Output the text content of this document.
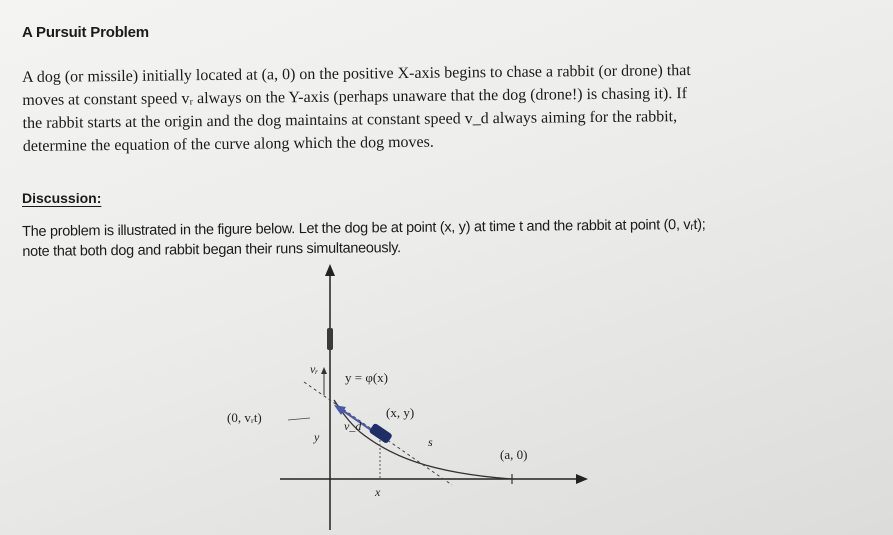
A Pursuit Problem

A dog (or missile) initially located at (a, 0) on the positive X-axis begins to chase a rabbit (or drone) that

moves at constant speed vᵣ always on the Y-axis (perhaps unaware that the dog (drone!) is chasing it). If

the rabbit starts at the origin and the dog maintains at constant speed v_d always aiming for the rabbit,

determine the equation of the curve along which the dog moves.

Discussion:

The problem is illustrated in the figure below. Let the dog be at point (x, y) at time t and the rabbit at point (0, vᵣt);

note that both dog and rabbit began their runs simultaneously.

vᵣ
y = φ(x)
(0, vᵣt)	(x, y)
v_d
y	s
(a, 0)
x
